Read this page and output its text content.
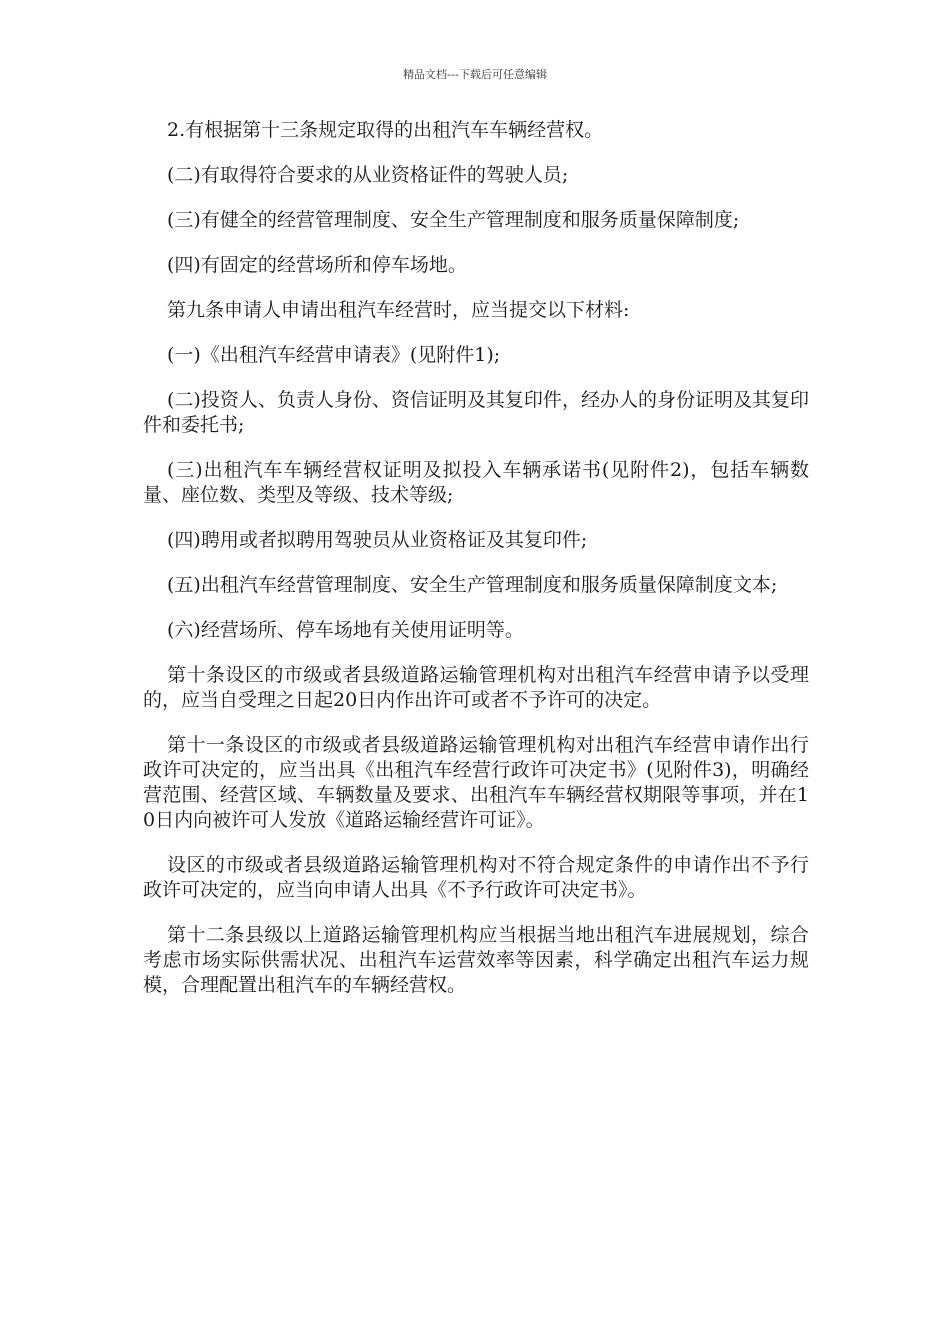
精品文档---下载后可任意编辑

2.有根据第十三条规定取得的出租汽车车辆经营权。

(二)有取得符合要求的从业资格证件的驾驶人员;

(三)有健全的经营管理制度、安全生产管理制度和服务质量保障制度;

(四)有固定的经营场所和停车场地。

第九条申请人申请出租汽车经营时，应当提交以下材料:

(一)《出租汽车经营申请表》(见附件1);

(二)投资人、负责人身份、资信证明及其复印件，经办人的身份证明及其复印件和委托书;

(三)出租汽车车辆经营权证明及拟投入车辆承诺书(见附件2)，包括车辆数量、座位数、类型及等级、技术等级;

(四)聘用或者拟聘用驾驶员从业资格证及其复印件;

(五)出租汽车经营管理制度、安全生产管理制度和服务质量保障制度文本;

(六)经营场所、停车场地有关使用证明等。

第十条设区的市级或者县级道路运输管理机构对出租汽车经营申请予以受理的，应当自受理之日起20日内作出许可或者不予许可的决定。

第十一条设区的市级或者县级道路运输管理机构对出租汽车经营申请作出行政许可决定的，应当出具《出租汽车经营行政许可决定书》(见附件3)，明确经营范围、经营区域、车辆数量及要求、出租汽车车辆经营权期限等事项，并在10日内向被许可人发放《道路运输经营许可证》。

设区的市级或者县级道路运输管理机构对不符合规定条件的申请作出不予行政许可决定的，应当向申请人出具《不予行政许可决定书》。

第十二条县级以上道路运输管理机构应当根据当地出租汽车进展规划，综合考虑市场实际供需状况、出租汽车运营效率等因素，科学确定出租汽车运力规模，合理配置出租汽车的车辆经营权。
